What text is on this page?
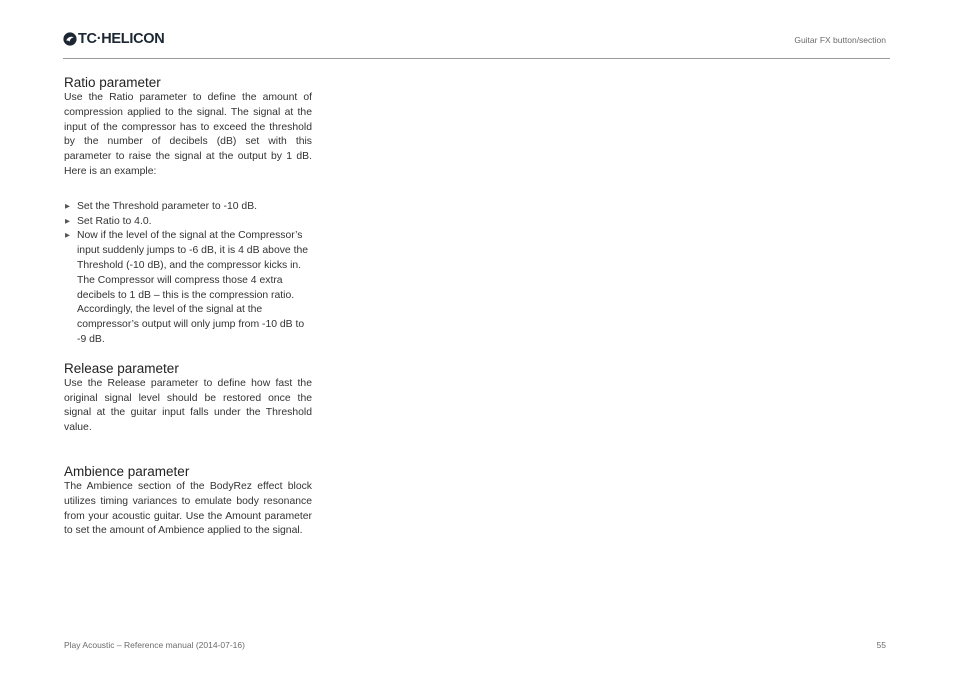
TC·HELICON	Guitar FX button/section
Ratio parameter

Use the Ratio parameter to define the amount of compression applied to the signal. The signal at the input of the compressor has to exceed the threshold by the number of decibels (dB) set with this parameter to raise the signal at the output by 1 dB. Here is an example:

▶ Set the Threshold parameter to -10 dB.
▶ Set Ratio to 4.0.
▶ Now if the level of the signal at the Compressor’s input suddenly jumps to -6 dB, it is 4 dB above the Threshold (-10 dB), and the compressor kicks in. The Compressor will compress those 4 extra decibels to 1 dB – this is the compression ratio. Accordingly, the level of the signal at the compressor’s output will only jump from -10 dB to -9 dB.
Release parameter

Use the Release parameter to define how fast the original signal level should be restored once the signal at the guitar input falls under the Threshold value.

Ambience parameter

The Ambience section of the BodyRez effect block utilizes timing variances to emulate body resonance from your acoustic guitar. Use the Amount parameter to set the amount of Ambience applied to the signal.

Play Acoustic – Reference manual (2014-07-16)	55
